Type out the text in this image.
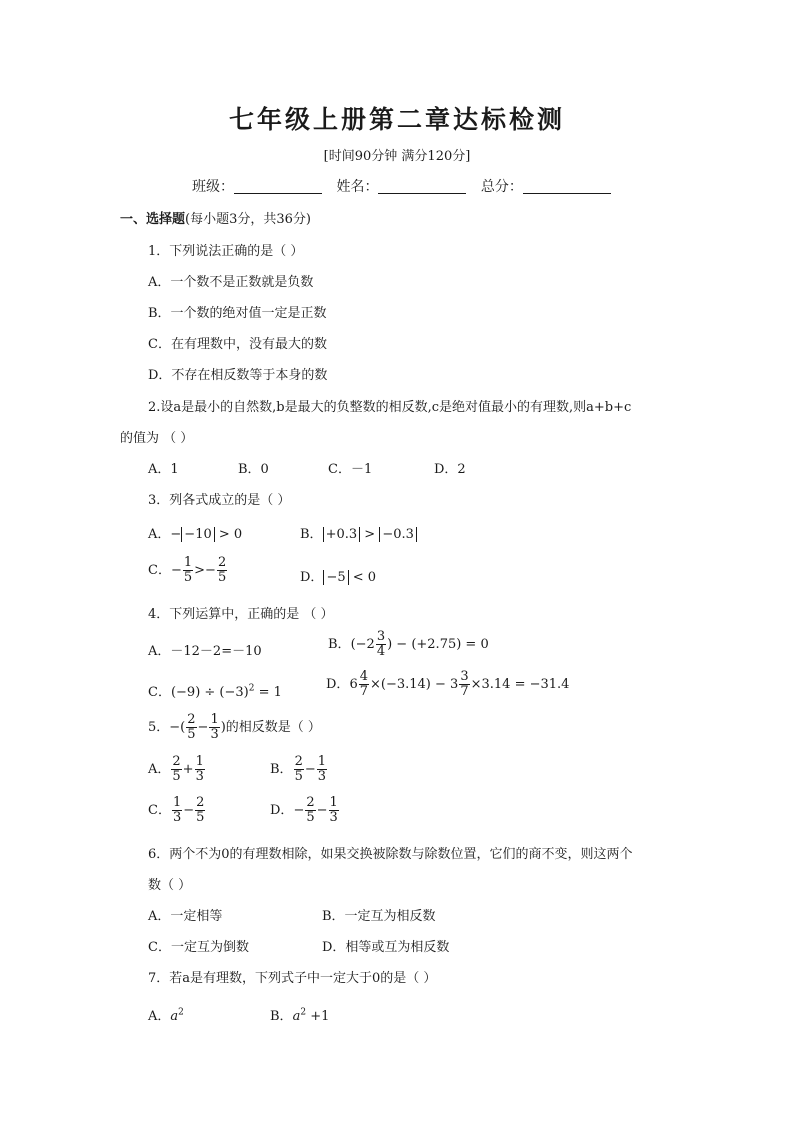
七年级上册第二章达标检测
[时间90分钟 满分120分]
班级：	姓名：	总分：
一、选择题(每小题3分，共36分)
1．下列说法正确的是（ ）
A．一个数不是正数就是负数
B．一个数的绝对值一定是正数
C．在有理数中，没有最大的数
D．不存在相反数等于本身的数
2.设a是最小的自然数,b是最大的负整数的相反数,c是绝对值最小的有理数,则a+b+c
的值为 （ ）
A．1	B．0	C．－1	D．2
3．列各式成立的是（ ）
A．− −10 > 0	B． +0.3 > −0.3
C．− $\frac{1}{5} >- \frac{2}{5}$	D． −5 < 0
4．下列运算中，正确的是 （ ）
A．－12－2=－10	B．($-2 \frac{3}{4}$ ) − (+2.75) = 0
C．$(-9) \div (-3)^2 = 1$
D．$6 \frac{4}{7} \times(-3.14) - 3 \frac{3}{7} \times 3.14 = -31.4$
5．−( $\frac{2}{5} - \frac{1}{3}$ )的相反数是（ ）
A． $\frac{2}{5} + \frac{1}{3}$	B． $\frac{2}{5} - \frac{1}{3}$
C． $\frac{1}{3} - \frac{2}{5}$	D．− $\frac{2}{5} - \frac{1}{3}$
6．两个不为0的有理数相除，如果交换被除数与除数位置，它们的商不变，则这两个
数（ ）
A．一定相等	B．一定互为相反数
C．一定互为倒数	D．相等或互为相反数
7．若a是有理数，下列式子中一定大于0的是（ ）
A．$a^2$	B．$a^2 +1$
